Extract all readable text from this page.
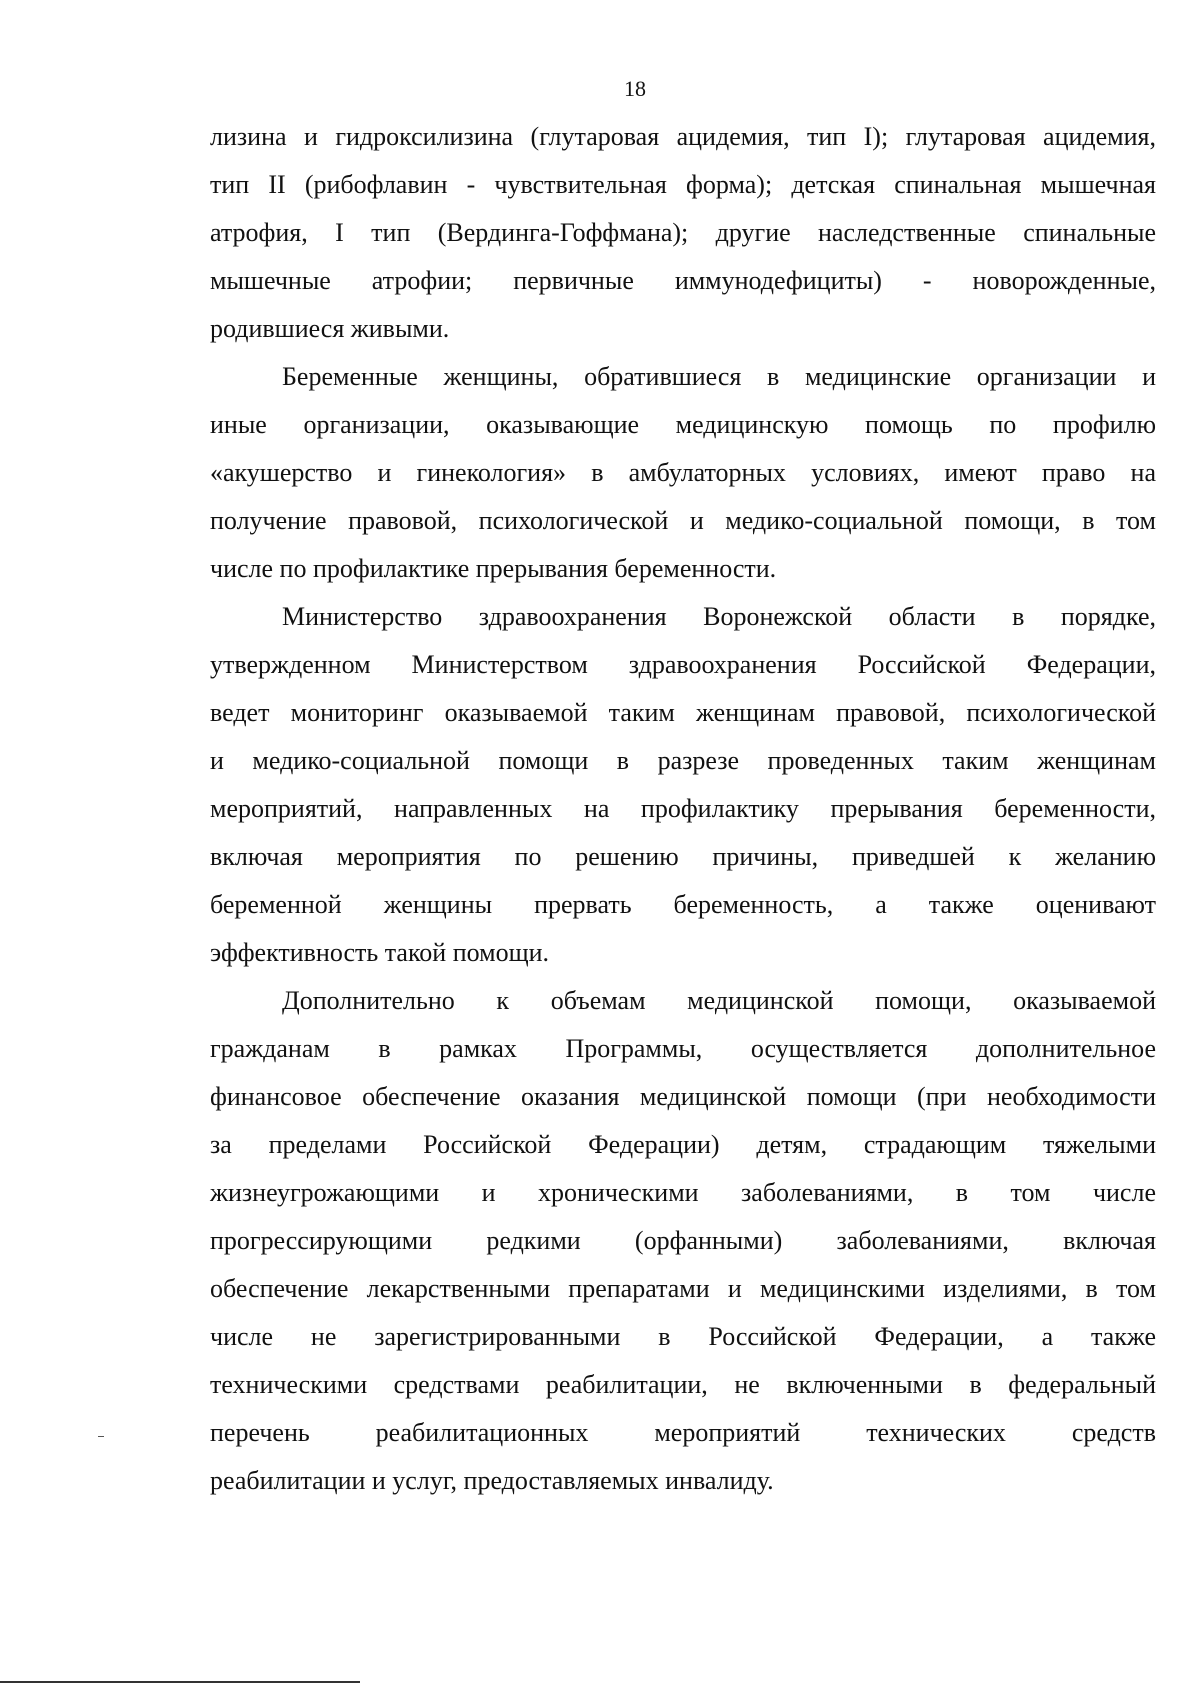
18
лизина и гидроксилизина (глутаровая ацидемия, тип I); глутаровая ацидемия,
тип II (рибофлавин - чувствительная форма); детская спинальная мышечная
атрофия, I тип (Вердинга-Гоффмана); другие наследственные спинальные
мышечные атрофии; первичные иммунодефициты) - новорожденные,
родившиеся живыми.
Беременные женщины, обратившиеся в медицинские организации и
иные организации, оказывающие медицинскую помощь по профилю
«акушерство и гинекология» в амбулаторных условиях, имеют право на
получение правовой, психологической и медико-социальной помощи, в том
числе по профилактике прерывания беременности.
Министерство здравоохранения Воронежской области в порядке,
утвержденном Министерством здравоохранения Российской Федерации,
ведет мониторинг оказываемой таким женщинам правовой, психологической
и медико-социальной помощи в разрезе проведенных таким женщинам
мероприятий, направленных на профилактику прерывания беременности,
включая мероприятия по решению причины, приведшей к желанию
беременной женщины прервать беременность, а также оценивают
эффективность такой помощи.
Дополнительно к объемам медицинской помощи, оказываемой
гражданам в рамках Программы, осуществляется дополнительное
финансовое обеспечение оказания медицинской помощи (при необходимости
за пределами Российской Федерации) детям, страдающим тяжелыми
жизнеугрожающими и хроническими заболеваниями, в том числе
прогрессирующими редкими (орфанными) заболеваниями, включая
обеспечение лекарственными препаратами и медицинскими изделиями, в том
числе не зарегистрированными в Российской Федерации, а также
техническими средствами реабилитации, не включенными в федеральный
перечень реабилитационных мероприятий технических средств
реабилитации и услуг, предоставляемых инвалиду.
